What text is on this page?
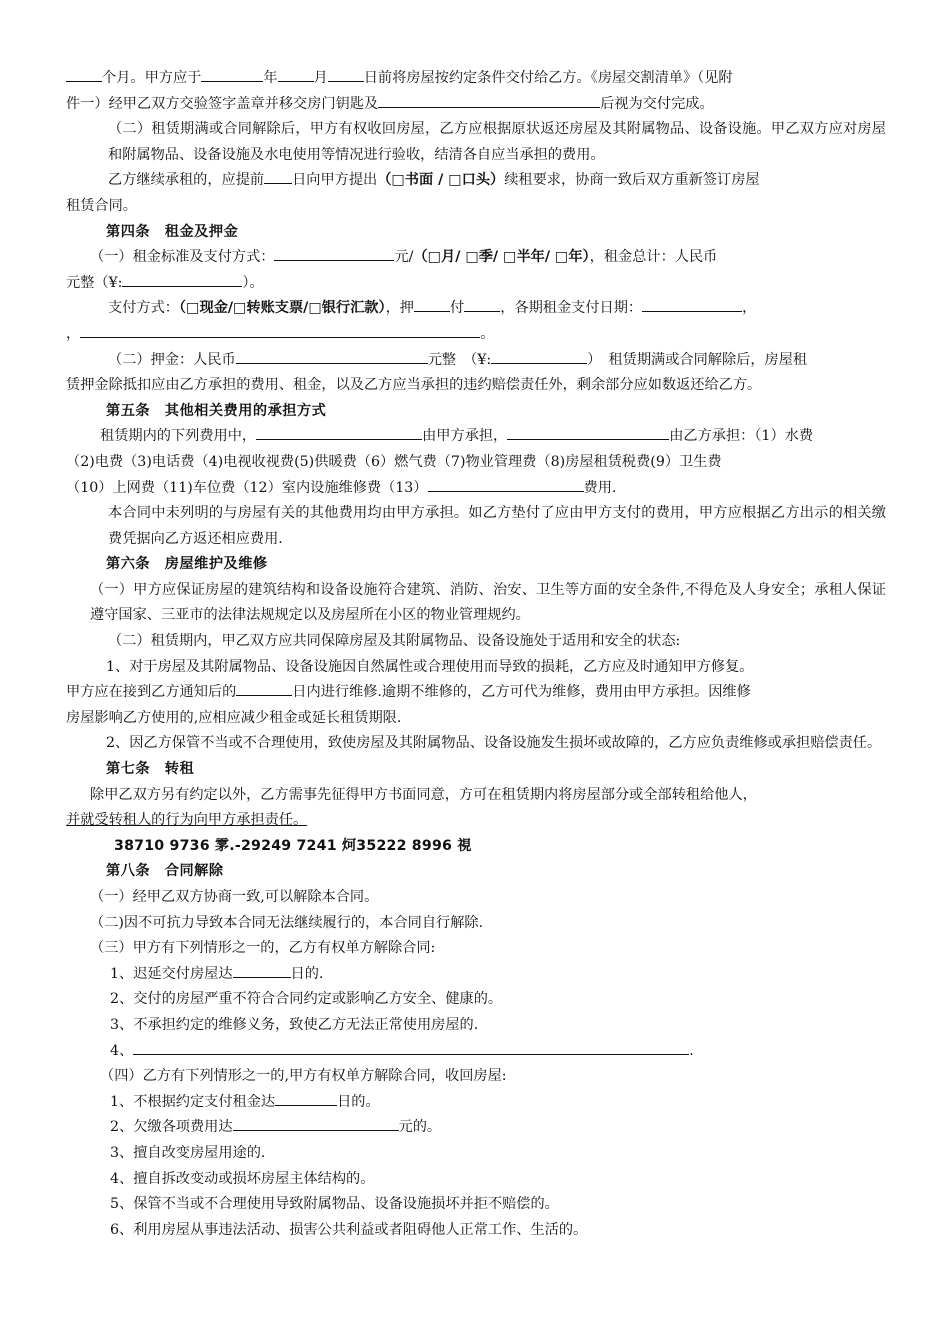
个月。甲方应于	年	月	日前将房屋按约定条件交付给乙方。《房屋交割清单》（见附

件一）经甲乙双方交验签字盖章并移交房门钥匙及	后视为交付完成。

（二）租赁期满或合同解除后，甲方有权收回房屋，乙方应根据原状返还房屋及其附属物品、设备设施。甲乙双方应对房屋和附属物品、设备设施及水电使用等情况进行验收，结清各自应当承担的费用。

乙方继续承租的，应提前 日向甲方提出（□书面 / □口头）续租要求，协商一致后双方重新签订房屋

租赁合同。

第四条　租金及押金

（一）租金标准及支付方式：	元/（□月/ □季/ □半年/ □年），租金总计：人民币

元整（¥:	）。

支付方式：（□现金/□转账支票/□银行汇款），押	付	，各期租金支付日期：	，

，	。

（二）押金：人民币	元整　（¥:	）　租赁期满或合同解除后，房屋租

赁押金除抵扣应由乙方承担的费用、租金，以及乙方应当承担的违约赔偿责任外，剩余部分应如数返还给乙方。

第五条　其他相关费用的承担方式

租赁期内的下列费用中，	由甲方承担，	由乙方承担：（1）水费

（2)电费（3)电话费（4)电视收视费(5)供暖费（6）燃气费（7)物业管理费（8)房屋租赁税费(9）卫生费

（10）上网费（11)车位费（12）室内设施维修费（13）	费用.

本合同中未列明的与房屋有关的其他费用均由甲方承担。如乙方垫付了应由甲方支付的费用，甲方应根据乙方出示的相关缴费凭据向乙方返还相应费用.

第六条　房屋维护及维修

（一）甲方应保证房屋的建筑结构和设备设施符合建筑、消防、治安、卫生等方面的安全条件,不得危及人身安全；承租人保证遵守国家、三亚市的法律法规规定以及房屋所在小区的物业管理规约。

（二）租赁期内，甲乙双方应共同保障房屋及其附属物品、设备设施处于适用和安全的状态:

1、对于房屋及其附属物品、设备设施因自然属性或合理使用而导致的损耗，乙方应及时通知甲方修复。

甲方应在接到乙方通知后的	日内进行维修.逾期不维修的，乙方可代为维修，费用由甲方承担。因维修

房屋影响乙方使用的,应相应减少租金或延长租赁期限.

2、因乙方保管不当或不合理使用，致使房屋及其附属物品、设备设施发生损坏或故障的，乙方应负责维修或承担赔偿责任。

第七条　转租

除甲乙双方另有约定以外，乙方需事先征得甲方书面同意，方可在租赁期内将房屋部分或全部转租给他人，

并就受转租人的行为向甲方承担责任。

38710 9736 雺.-29249 7241 炣35222 8996 視

第八条　合同解除

（一）经甲乙双方协商一致,可以解除本合同。

（二)因不可抗力导致本合同无法继续履行的，本合同自行解除.

（三）甲方有下列情形之一的，乙方有权单方解除合同:

1、迟延交付房屋达	日的.

2、交付的房屋严重不符合合同约定或影响乙方安全、健康的。

3、不承担约定的维修义务，致使乙方无法正常使用房屋的.

4、	.

（四）乙方有下列情形之一的,甲方有权单方解除合同，收回房屋:

1、不根据约定支付租金达	日的。

2、欠缴各项费用达	元的。

3、擅自改变房屋用途的.

4、擅自拆改变动或损坏房屋主体结构的。

5、保管不当或不合理使用导致附属物品、设备设施损坏并拒不赔偿的。

6、利用房屋从事违法活动、损害公共利益或者阻碍他人正常工作、生活的。
